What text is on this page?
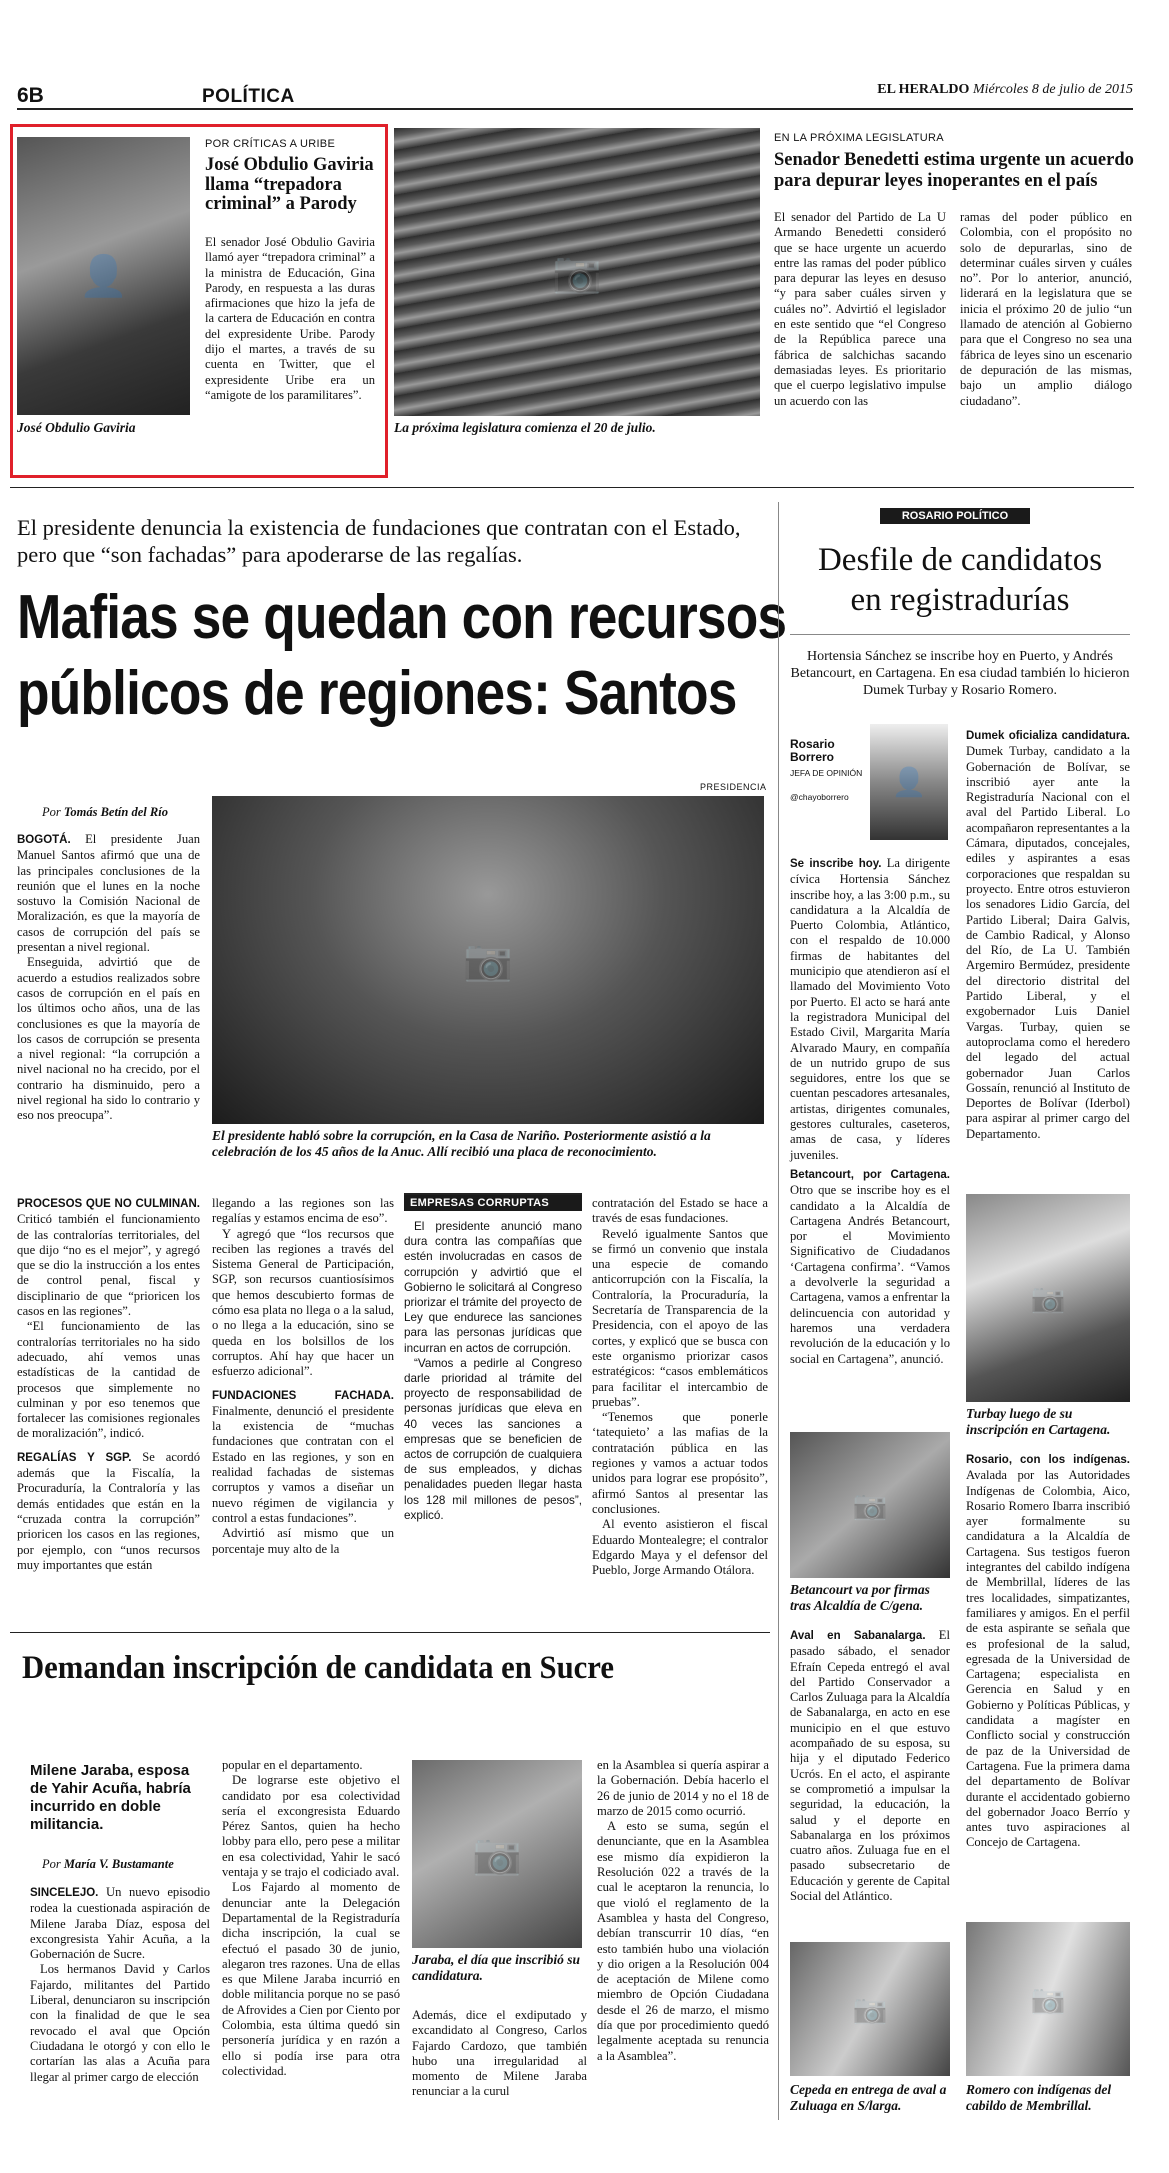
6B	POLÍTICA	EL HERALDO Miércoles 8 de julio de 2015
👤
José Obdulio Gaviria
POR CRÍTICAS A URIBE
José Obdulio Gaviria llama “trepadora criminal” a Parody
El senador José Obdulio Gaviria llamó ayer “trepadora criminal” a la ministra de Educación, Gina Parody, en respuesta a las duras afirmaciones que hizo la jefa de la cartera de Educación en contra del expresidente Uribe. Parody dijo el martes, a través de su cuenta en Twitter, que el expresidente Uribe era un “amigote de los paramilitares”.
📷
La próxima legislatura comienza el 20 de julio.
EN LA PRÓXIMA LEGISLATURA
Senador Benedetti estima urgente un acuerdo para depurar leyes inoperantes en el país
El senador del Partido de La U Armando Benedetti consideró que se hace urgente un acuerdo entre las ramas del poder público para depurar las leyes en desuso “y para saber cuáles sirven y cuáles no”. Advirtió el legislador en este sentido que “el Congreso de la República parece una fábrica de salchichas sacando demasiadas leyes. Es prioritario que el cuerpo legislativo impulse un acuerdo con las
ramas del poder público en Colombia, con el propósito no solo de depurarlas, sino de determinar cuáles sirven y cuáles no”. Por lo anterior, anunció, liderará en la legislatura que se inicia el próximo 20 de julio “un llamado de atención al Gobierno para que el Congreso no sea una fábrica de leyes sino un escenario de depuración de las mismas, bajo un amplio diálogo ciudadano”.
El presidente denuncia la existencia de fundaciones que contratan con el Estado, pero que “son fachadas” para apoderarse de las regalías.
Mafias se quedan con recursos
públicos de regiones: Santos
Por Tomás Betín del Río
PRESIDENCIA
📷
El presidente habló sobre la corrupción, en la Casa de Nariño. Posteriormente asistió a la celebración de los 45 años de la Anuc. Allí recibió una placa de reconocimiento.

BOGOTÁ. El presidente Juan Manuel Santos afirmó que una de las principales conclusiones de la reunión que el lunes en la noche sostuvo la Comisión Nacional de Moralización, es que la mayoría de casos de corrupción del país se presentan a nivel regional.

Enseguida, advirtió que de acuerdo a estudios realizados sobre casos de corrupción en el país en los últimos ocho años, una de las conclusiones es que la mayoría de los casos de corrupción se presenta a nivel regional: “la corrupción a nivel nacional no ha crecido, por el contrario ha disminuido, pero a nivel regional ha sido lo contrario y eso nos preocupa”.

PROCESOS QUE NO CULMINAN. Criticó también el funcionamiento de las contralorías territoriales, del que dijo “no es el mejor”, y agregó que se dio la instrucción a los entes de control penal, fiscal y disciplinario de que “prioricen los casos en las regiones”.

“El funcionamiento de las contralorías territoriales no ha sido adecuado, ahí vemos unas estadísticas de la cantidad de procesos que simplemente no culminan y por eso tenemos que fortalecer las comisiones regionales de moralización”, indicó.

REGALÍAS Y SGP. Se acordó además que la Fiscalía, la Procuraduría, la Contraloría y las demás entidades que están en la “cruzada contra la corrupción” prioricen los casos en las regiones, por ejemplo, con “unos recursos muy importantes que están

llegando a las regiones son las regalías y estamos encima de eso”.

Y agregó que “los recursos que reciben las regiones a través del Sistema General de Participación, SGP, son recursos cuantiosísimos que hemos descubierto formas de cómo esa plata no llega o a la salud, o no llega a la educación, sino se queda en los bolsillos de los corruptos. Ahí hay que hacer un esfuerzo adicional”.

FUNDACIONES FACHADA. Finalmente, denunció el presidente la existencia de “muchas fundaciones que contratan con el Estado en las regiones, y son en realidad fachadas de sistemas corruptos y vamos a diseñar un nuevo régimen de vigilancia y control a estas fundaciones”.

Advirtió así mismo que un porcentaje muy alto de la

EMPRESAS CORRUPTAS

El presidente anunció mano dura contra las compañías que estén involucradas en casos de corrupción y advirtió que el Gobierno le solicitará al Congreso priorizar el trámite del proyecto de Ley que endurece las sanciones para las personas jurídicas que incurran en actos de corrupción.

“Vamos a pedirle al Congreso darle prioridad al trámite del proyecto de responsabilidad de personas jurídicas que eleva en 40 veces las sanciones a empresas que se beneficien de actos de corrupción de cualquiera de sus empleados, y dichas penalidades pueden llegar hasta los 128 mil millones de pesos”, explicó.

contratación del Estado se hace a través de esas fundaciones.

Reveló igualmente Santos que se firmó un convenio que instala una especie de comando anticorrupción con la Fiscalía, la Contraloría, la Procuraduría, la Secretaría de Transparencia de la Presidencia, con el apoyo de las cortes, y explicó que se busca con este organismo priorizar casos estratégicos: “casos emblemáticos para facilitar el intercambio de pruebas”.

“Tenemos que ponerle ‘tatequieto’ a las mafias de la contratación pública en las regiones y vamos a actuar todos unidos para lograr ese propósito”, afirmó Santos al presentar las conclusiones.

Al evento asistieron el fiscal Eduardo Montealegre; el contralor Edgardo Maya y el defensor del Pueblo, Jorge Armando Otálora.

Demandan inscripción de candidata en Sucre
Milene Jaraba, esposa de Yahir Acuña, habría incurrido en doble militancia.
Por María V. Bustamante

SINCELEJO. Un nuevo episodio rodea la cuestionada aspiración de Milene Jaraba Díaz, esposa del excongresista Yahir Acuña, a la Gobernación de Sucre.

Los hermanos David y Carlos Fajardo, militantes del Partido Liberal, denunciaron su inscripción con la finalidad de que le sea revocado el aval que Opción Ciudadana le otorgó y con ello le cortarían las alas a Acuña para llegar al primer cargo de elección

popular en el departamento.

De lograrse este objetivo el candidato por esa colectividad sería el excongresista Eduardo Pérez Santos, quien ha hecho lobby para ello, pero pese a militar en esa colectividad, Yahir le sacó ventaja y se trajo el codiciado aval.

Los Fajardo al momento de denunciar ante la Delegación Departamental de la Registraduría dicha inscripción, la cual se efectuó el pasado 30 de junio, alegaron tres razones. Una de ellas es que Milene Jaraba incurrió en doble militancia porque no se pasó de Afrovides a Cien por Ciento por Colombia, esta última quedó sin personería jurídica y en razón a ello si podía irse para otra colectividad.

📷
Jaraba, el día que inscribió su candidatura.
Además, dice el exdiputado y excandidato al Congreso, Carlos Fajardo Cardozo, que también hubo una irregularidad al momento de Milene Jaraba renunciar a la curul

en la Asamblea si quería aspirar a la Gobernación. Debía hacerlo el 26 de junio de 2014 y no el 18 de marzo de 2015 como ocurrió.

A esto se suma, según el denunciante, que en la Asamblea ese mismo día expidieron la Resolución 022 a través de la cual le aceptaron la renuncia, lo que violó el reglamento de la Asamblea y hasta del Congreso, debían transcurrir 10 días, “en esto también hubo una violación y dio origen a la Resolución 004 de aceptación de Milene como miembro de Opción Ciudadana desde el 26 de marzo, el mismo día que por procedimiento quedó legalmente aceptada su renuncia a la Asamblea”.

ROSARIO POLÍTICO
Desfile de candidatos
en registradurías
Hortensia Sánchez se inscribe hoy en Puerto, y Andrés Betancourt, en Cartagena. En esa ciudad también lo hicieron Dumek Turbay y Rosario Romero.
Rosario Borrero
JEFA DE OPINIÓN
@chayoborrero	👤

Se inscribe hoy. La dirigente cívica Hortensia Sánchez inscribe hoy, a las 3:00 p.m., su candidatura a la Alcaldía de Puerto Colombia, Atlántico, con el respaldo de 10.000 firmas de habitantes del municipio que atendieron así el llamado del Movimiento Voto por Puerto. El acto se hará ante la registradora Municipal del Estado Civil, Margarita María Alvarado Maury, en compañía de un nutrido grupo de sus seguidores, entre los que se cuentan pescadores artesanales, artistas, dirigentes comunales, gestores culturales, caseteros, amas de casa, y líderes juveniles.

Betancourt, por Cartagena. Otro que se inscribe hoy es el candidato a la Alcaldía de Cartagena Andrés Betancourt, por el Movimiento Significativo de Ciudadanos ‘Cartagena confirma’. “Vamos a devolverle la seguridad a Cartagena, vamos a enfrentar la delincuencia con autoridad y haremos una verdadera revolución de la educación y lo social en Cartagena”, anunció.

📷
Betancourt va por firmas tras Alcaldía de C/gena.

Aval en Sabanalarga. El pasado sábado, el senador Efraín Cepeda entregó el aval del Partido Conservador a Carlos Zuluaga para la Alcaldía de Sabanalarga, en acto en ese municipio en el que estuvo acompañado de su esposa, su hija y el diputado Federico Ucrós. En el acto, el aspirante se comprometió a impulsar la seguridad, la educación, la salud y el deporte en Sabanalarga en los próximos cuatro años. Zuluaga fue en el pasado subsecretario de Educación y gerente de Capital Social del Atlántico.

📷
Cepeda en entrega de aval a Zuluaga en S/larga.

Dumek oficializa candidatura. Dumek Turbay, candidato a la Gobernación de Bolívar, se inscribió ayer ante la Registraduría Nacional con el aval del Partido Liberal. Lo acompañaron representantes a la Cámara, diputados, concejales, ediles y aspirantes a esas corporaciones que respaldan su proyecto. Entre otros estuvieron los senadores Lidio García, del Partido Liberal; Daira Galvis, de Cambio Radical, y Alonso del Río, de La U. También Argemiro Bermúdez, presidente del directorio distrital del Partido Liberal, y el exgobernador Luis Daniel Vargas. Turbay, quien se autoproclama como el heredero del legado del actual gobernador Juan Carlos Gossaín, renunció al Instituto de Deportes de Bolívar (Iderbol) para aspirar al primer cargo del Departamento.

📷
Turbay luego de su inscripción en Cartagena.

Rosario, con los indígenas. Avalada por las Autoridades Indígenas de Colombia, Aico, Rosario Romero Ibarra inscribió ayer formalmente su candidatura a la Alcaldía de Cartagena. Sus testigos fueron integrantes del cabildo indígena de Membrillal, líderes de las tres localidades, simpatizantes, familiares y amigos. En el perfil de esta aspirante se señala que es profesional de la salud, egresada de la Universidad de Cartagena; especialista en Gerencia en Salud y en Gobierno y Políticas Públicas, y candidata a magíster en Conflicto social y construcción de paz de la Universidad de Cartagena. Fue la primera dama del departamento de Bolívar durante el accidentado gobierno del gobernador Joaco Berrío y antes tuvo aspiraciones al Concejo de Cartagena.

📷
Romero con indígenas del cabildo de Membrillal.
